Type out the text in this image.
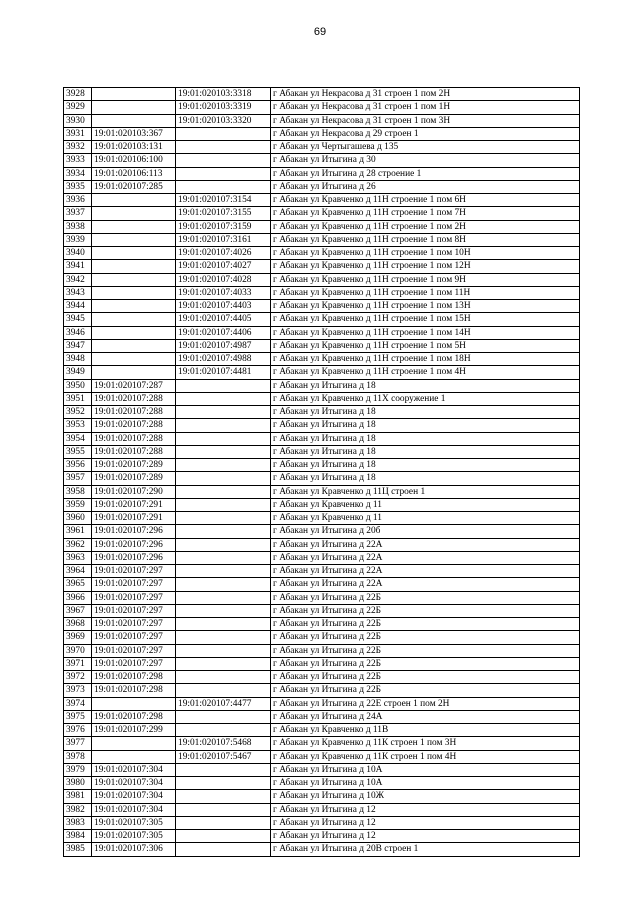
69
3928		19:01:020103:3318	г Абакан ул Некрасова д 31 строен 1 пом 2Н
3929		19:01:020103:3319	г Абакан ул Некрасова д 31 строен 1 пом 1Н
3930		19:01:020103:3320	г Абакан ул Некрасова д 31 строен 1 пом 3Н
3931	19:01:020103:367		г Абакан ул Некрасова д 29 строен 1
3932	19:01:020103:131		г Абакан ул Чертыгашева д 135
3933	19:01:020106:100		г Абакан ул Итыгина д 30
3934	19:01:020106:113		г Абакан ул Итыгина д 28 строение 1
3935	19:01:020107:285		г Абакан ул Итыгина д 26
3936		19:01:020107:3154	г Абакан ул Кравченко д 11Н строение 1 пом 6Н
3937		19:01:020107:3155	г Абакан ул Кравченко д 11Н строение 1 пом 7Н
3938		19:01:020107:3159	г Абакан ул Кравченко д 11Н строение 1 пом 2Н
3939		19:01:020107:3161	г Абакан ул Кравченко д 11Н строение 1 пом 8Н
3940		19:01:020107:4026	г Абакан ул Кравченко д 11Н строение 1 пом 10Н
3941		19:01:020107:4027	г Абакан ул Кравченко д 11Н строение 1 пом 12Н
3942		19:01:020107:4028	г Абакан ул Кравченко д 11Н строение 1 пом 9Н
3943		19:01:020107:4033	г Абакан ул Кравченко д 11Н строение 1 пом 11Н
3944		19:01:020107:4403	г Абакан ул Кравченко д 11Н строение 1 пом 13Н
3945		19:01:020107:4405	г Абакан ул Кравченко д 11Н строение 1 пом 15Н
3946		19:01:020107:4406	г Абакан ул Кравченко д 11Н строение 1 пом 14Н
3947		19:01:020107:4987	г Абакан ул Кравченко д 11Н строение 1 пом 5Н
3948		19:01:020107:4988	г Абакан ул Кравченко д 11Н строение 1 пом 18Н
3949		19:01:020107:4481	г Абакан ул Кравченко д 11Н строение 1 пом 4Н
3950	19:01:020107:287		г Абакан ул Итыгина д 18
3951	19:01:020107:288		г Абакан ул Кравченко д 11Х сооружение 1
3952	19:01:020107:288		г Абакан ул Итыгина д 18
3953	19:01:020107:288		г Абакан ул Итыгина д 18
3954	19:01:020107:288		г Абакан ул Итыгина д 18
3955	19:01:020107:288		г Абакан ул Итыгина д 18
3956	19:01:020107:289		г Абакан ул Итыгина д 18
3957	19:01:020107:289		г Абакан ул Итыгина д 18
3958	19:01:020107:290		г Абакан ул Кравченко д 11Ц строен 1
3959	19:01:020107:291		г Абакан ул Кравченко д 11
3960	19:01:020107:291		г Абакан ул Кравченко д 11
3961	19:01:020107:296		г Абакан ул Итыгина д 20б
3962	19:01:020107:296		г Абакан ул Итыгина д 22А
3963	19:01:020107:296		г Абакан ул Итыгина д 22А
3964	19:01:020107:297		г Абакан ул Итыгина д 22А
3965	19:01:020107:297		г Абакан ул Итыгина д 22А
3966	19:01:020107:297		г Абакан ул Итыгина д 22Б
3967	19:01:020107:297		г Абакан ул Итыгина д 22Б
3968	19:01:020107:297		г Абакан ул Итыгина д 22Б
3969	19:01:020107:297		г Абакан ул Итыгина д 22Б
3970	19:01:020107:297		г Абакан ул Итыгина д 22Б
3971	19:01:020107:297		г Абакан ул Итыгина д 22Б
3972	19:01:020107:298		г Абакан ул Итыгина д 22Б
3973	19:01:020107:298		г Абакан ул Итыгина д 22Б
3974		19:01:020107:4477	г Абакан ул Итыгина д 22Е строен 1 пом 2Н
3975	19:01:020107:298		г Абакан ул Итыгина д 24А
3976	19:01:020107:299		г Абакан ул Кравченко д 11В
3977		19:01:020107:5468	г Абакан ул Кравченко д 11К строен 1 пом 3Н
3978		19:01:020107:5467	г Абакан ул Кравченко д 11К строен 1 пом 4Н
3979	19:01:020107:304		г Абакан ул Итыгина д 10А
3980	19:01:020107:304		г Абакан ул Итыгина д 10А
3981	19:01:020107:304		г Абакан ул Итыгина д 10Ж
3982	19:01:020107:304		г Абакан ул Итыгина д 12
3983	19:01:020107:305		г Абакан ул Итыгина д 12
3984	19:01:020107:305		г Абакан ул Итыгина д 12
3985	19:01:020107:306		г Абакан ул Итыгина д 20В строен 1
